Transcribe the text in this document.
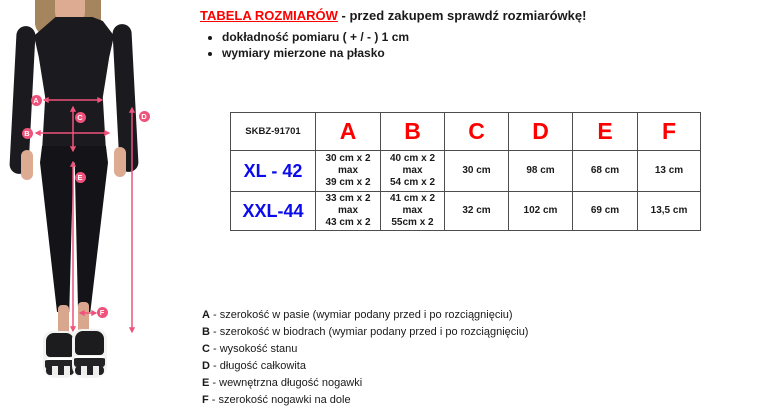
A
B
C	D
E
F
TABELA ROZMIARÓW - przed zakupem sprawdź rozmiarówkę!
• dokładność pomiaru ( + / - ) 1 cm
• wymiary mierzone na płasko
SKBZ-91701	A	B	C	D	E	F
XL - 42	30 cm x 2
max
39 cm x 2	40 cm x 2
max
54 cm x 2	30 cm	98 cm	68 cm	13 cm
XXL-44	33 cm x 2
max
43 cm x 2	41 cm x 2
max
55cm x 2	32 cm	102 cm	69 cm	13,5 cm
A - szerokość w pasie (wymiar podany przed i po rozciągnięciu)
B - szerokość w biodrach (wymiar podany przed i po rozciągnięciu)
C - wysokość stanu
D - długość całkowita
E - wewnętrzna długość nogawki
F - szerokość nogawki na dole
